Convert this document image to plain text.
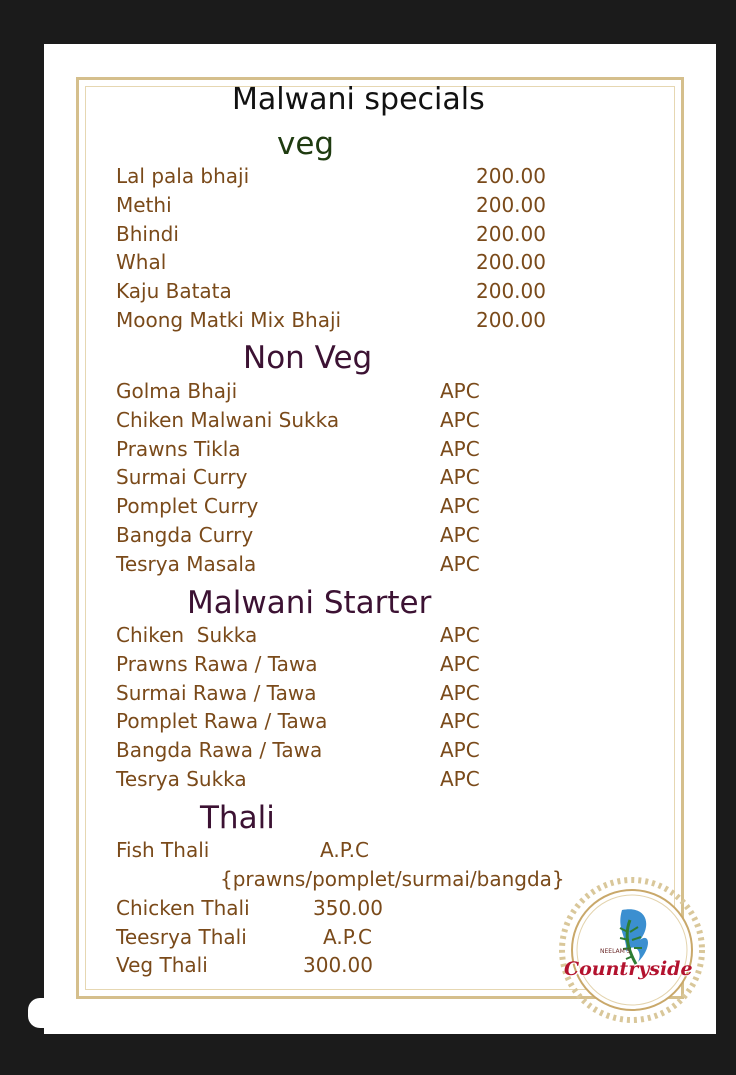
Malwani specials
veg
Lal pala bhaji	200.00
Methi	200.00
Bhindi	200.00
Whal	200.00
Kaju Batata	200.00
Moong Matki Mix Bhaji	200.00
Non Veg
Golma Bhaji	APC
Chiken Malwani Sukka	APC
Prawns Tikla	APC
Surmai Curry	APC
Pomplet Curry	APC
Bangda Curry	APC
Tesrya Masala	APC
Malwani Starter
Chiken  Sukka	APC
Prawns Rawa / Tawa	APC
Surmai Rawa / Tawa	APC
Pomplet Rawa / Tawa	APC
Bangda Rawa / Tawa	APC
Tesrya Sukka	APC
Thali
Fish Thali	A.P.C
{prawns/pomplet/surmai/bangda}
Chicken Thali	350.00
Teesrya Thali	A.P.C
Veg Thali	300.00
NEELAM'S
Countryside
